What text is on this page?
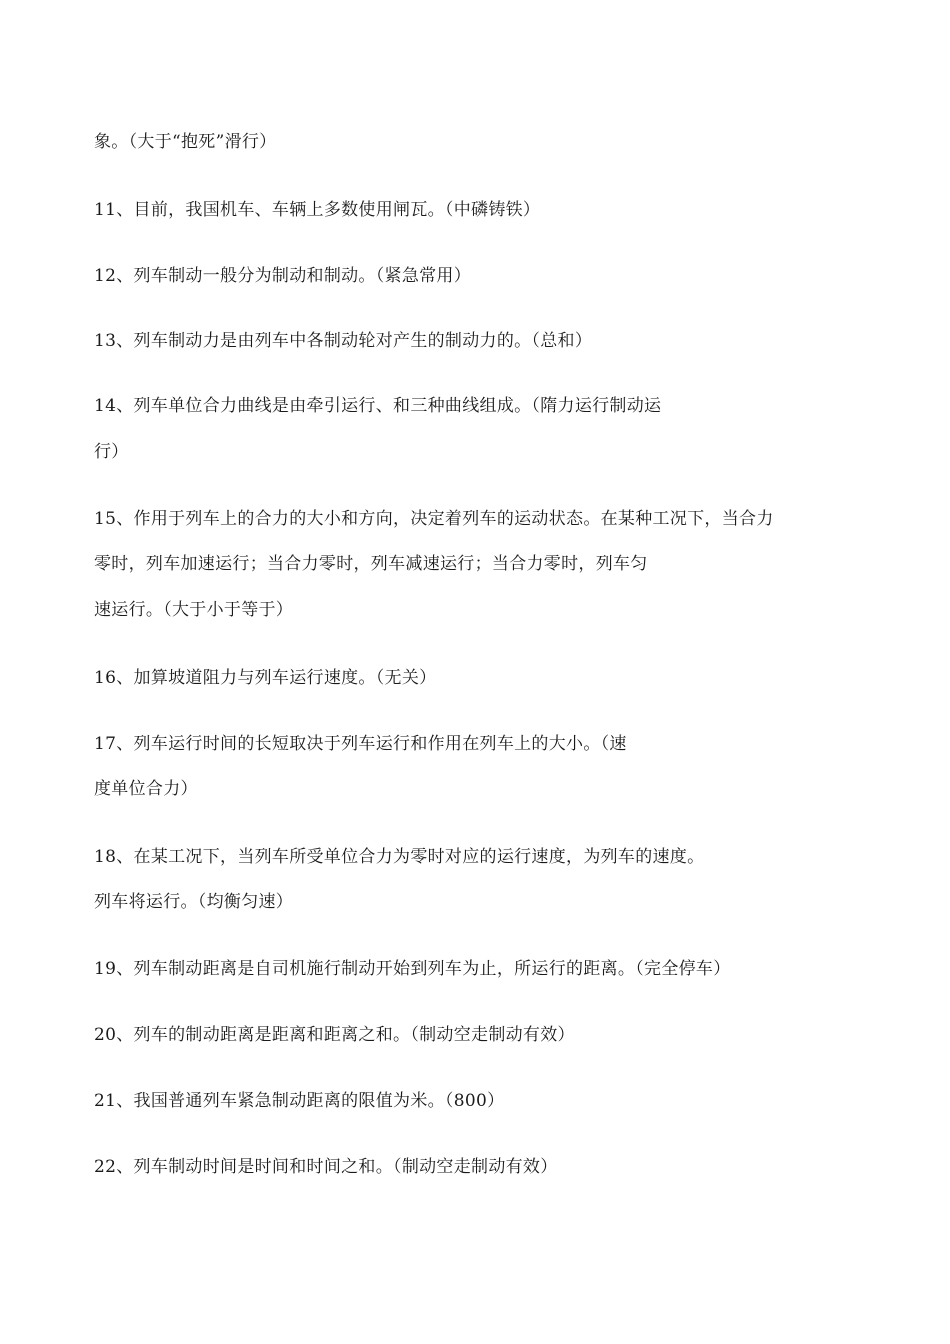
象。（大于“抱死”滑行）
11、目前，我国机车、车辆上多数使用闸瓦。（中磷铸铁）
12、列车制动一般分为制动和制动。（紧急常用）
13、列车制动力是由列车中各制动轮对产生的制动力的。（总和）
14、列车单位合力曲线是由牵引运行、和三种曲线组成。（隋力运行制动运
行）
15、作用于列车上的合力的大小和方向，决定着列车的运动状态。在某种工况下，当合力
零时，列车加速运行；当合力零时，列车减速运行；当合力零时，列车匀
速运行。（大于小于等于）
16、加算坡道阻力与列车运行速度。（无关）
17、列车运行时间的长短取决于列车运行和作用在列车上的大小。（速
度单位合力）
18、在某工况下，当列车所受单位合力为零时对应的运行速度，为列车的速度。
列车将运行。（均衡匀速）
19、列车制动距离是自司机施行制动开始到列车为止，所运行的距离。（完全停车）
20、列车的制动距离是距离和距离之和。（制动空走制动有效）
21、我国普通列车紧急制动距离的限值为米。（800）
22、列车制动时间是时间和时间之和。（制动空走制动有效）
